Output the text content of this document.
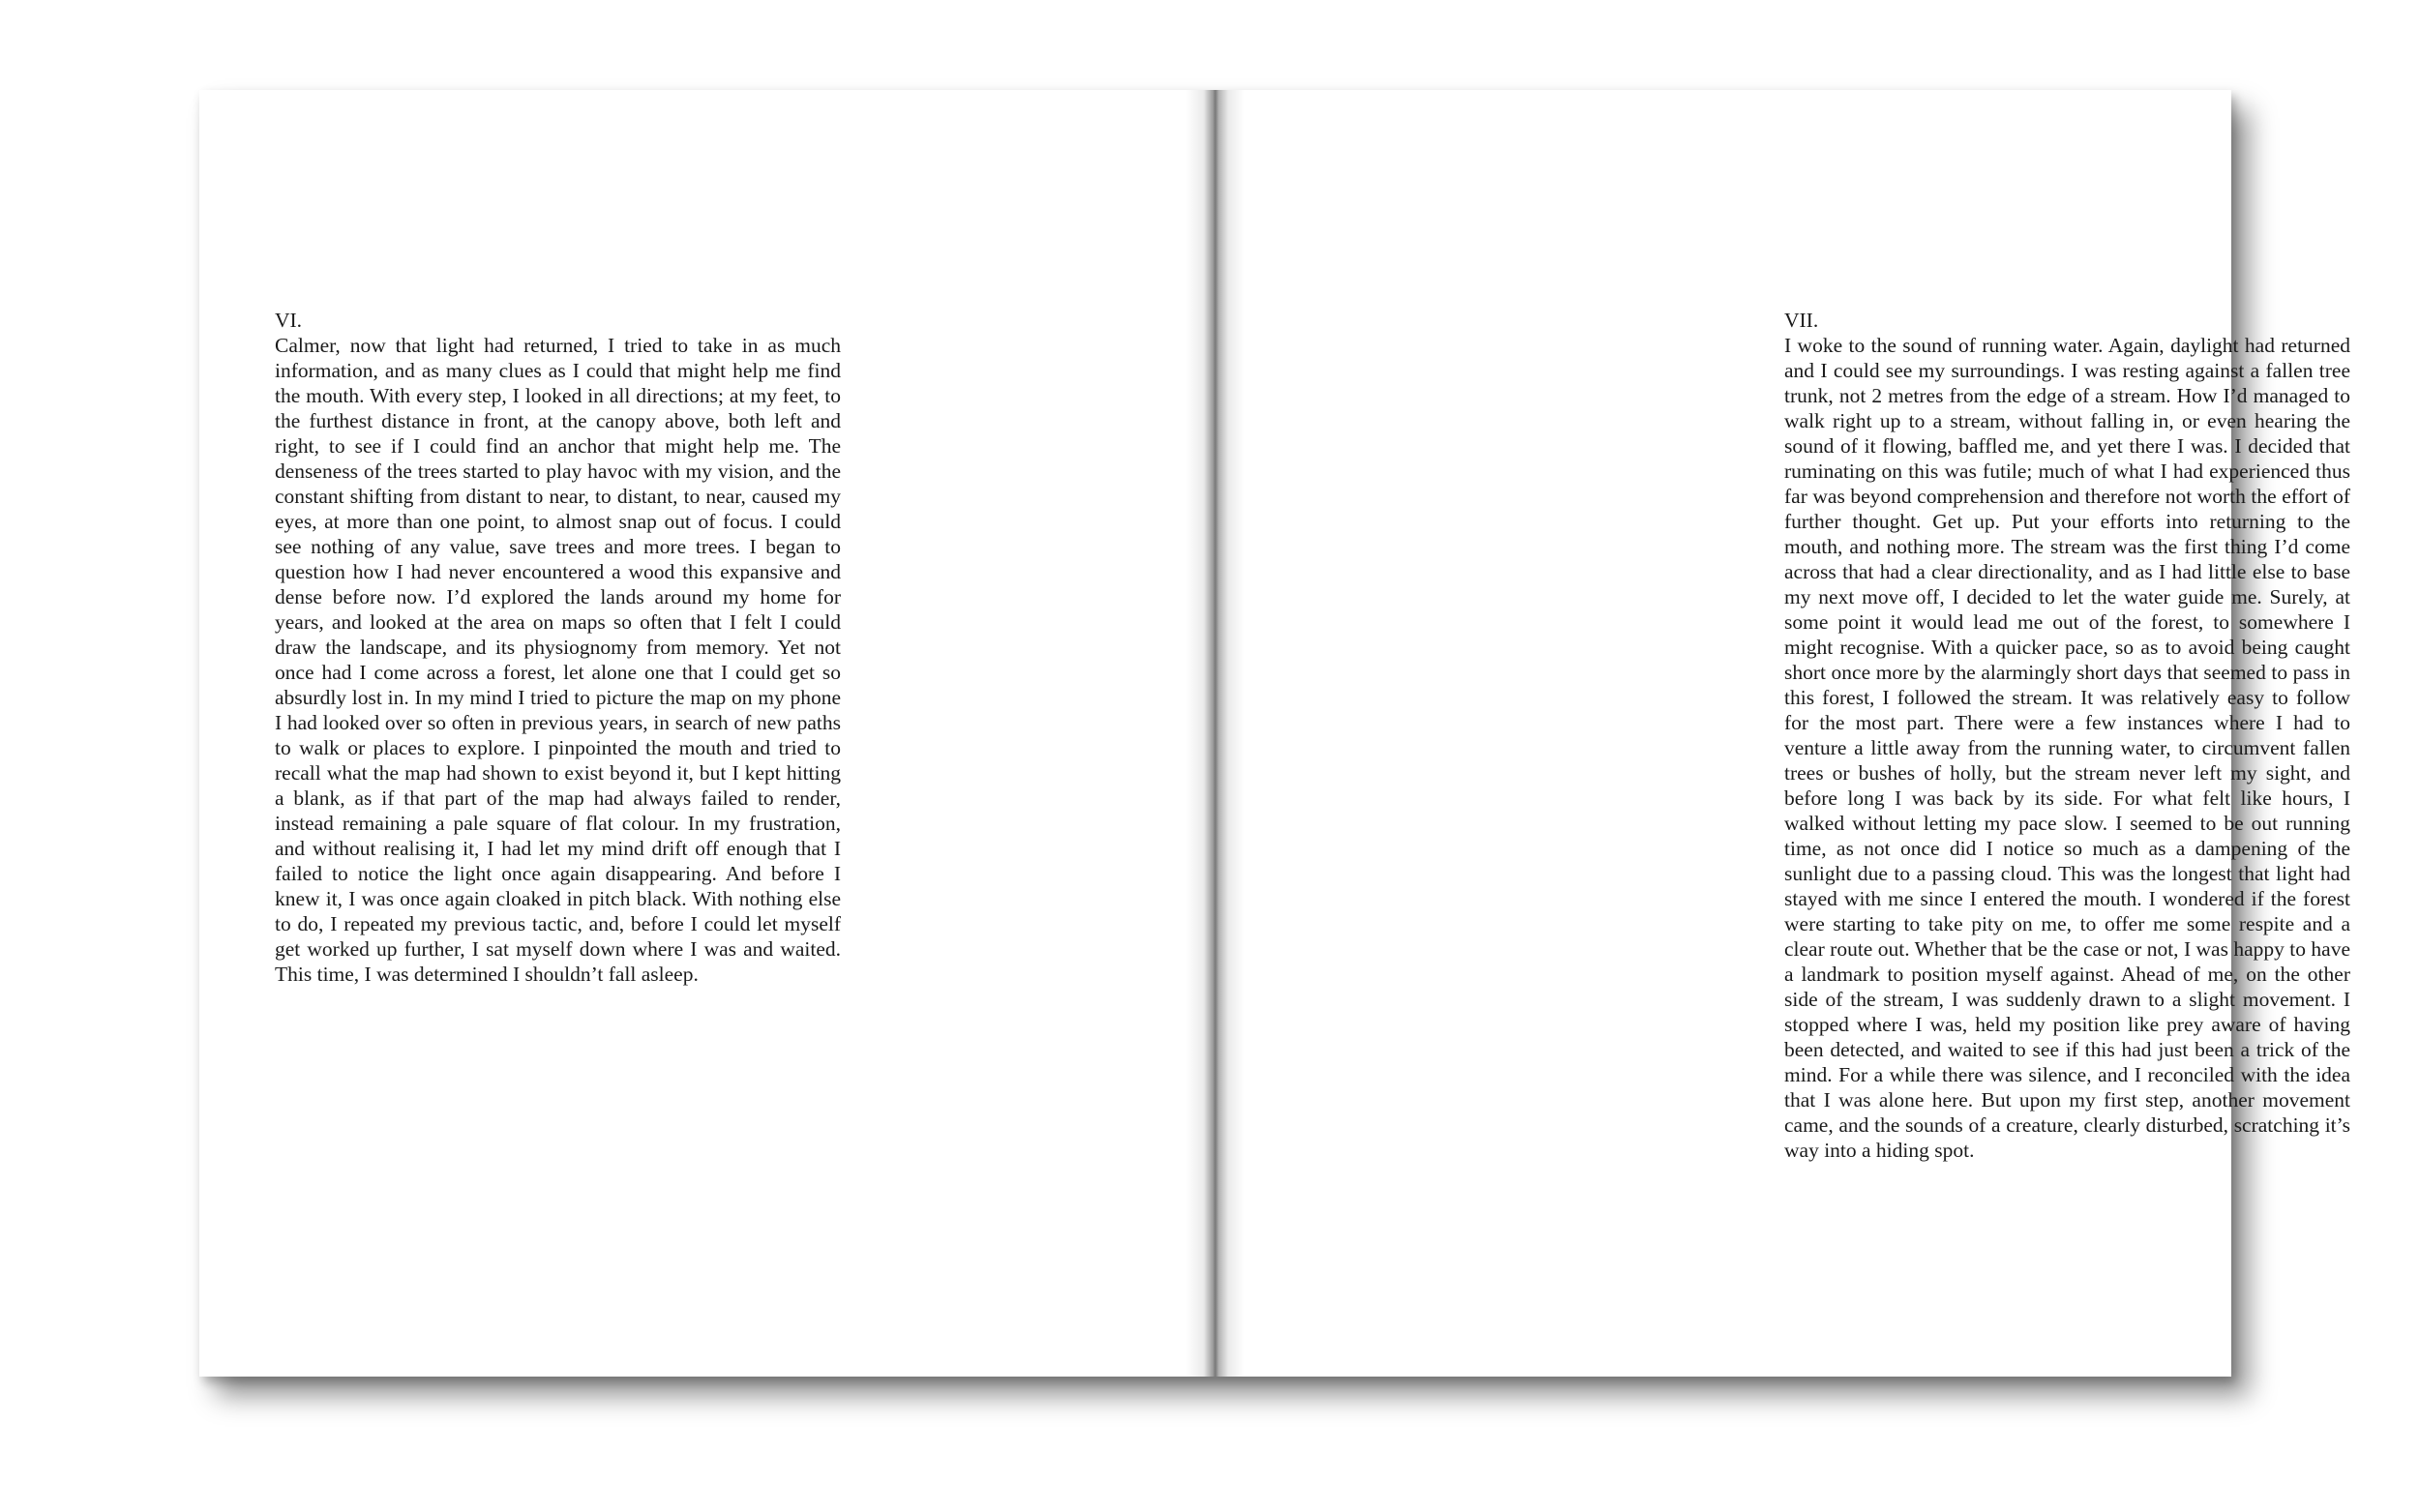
VI.

Calmer, now that light had returned, I tried to take in as much information, and as many clues as I could that might help me find the mouth. With every step, I looked in all directions; at my feet, to the furthest distance in front, at the canopy above, both left and right, to see if I could find an anchor that might help me. The denseness of the trees started to play havoc with my vision, and the constant shifting from distant to near, to distant, to near, caused my eyes, at more than one point, to almost snap out of focus. I could see nothing of any value, save trees and more trees. I began to question how I had never encountered a wood this expansive and dense before now. I’d explored the lands around my home for years, and looked at the area on maps so often that I felt I could draw the landscape, and its physiognomy from memory. Yet not once had I come across a forest, let alone one that I could get so absurdly lost in. In my mind I tried to picture the map on my phone I had looked over so often in previous years, in search of new paths to walk or places to explore. I pinpointed the mouth and tried to recall what the map had shown to exist beyond it, but I kept hitting a blank, as if that part of the map had always failed to render, instead remaining a pale square of flat colour. In my frustration, and without realising it, I had let my mind drift off enough that I failed to notice the light once again disappearing. And before I knew it, I was once again cloaked in pitch black. With nothing else to do, I repeated my previous tactic, and, before I could let myself get worked up further, I sat myself down where I was and waited. This time, I was determined I shouldn’t fall asleep.

VII.

I woke to the sound of running water. Again, daylight had returned and I could see my surroundings. I was resting against a fallen tree trunk, not 2 metres from the edge of a stream. How I’d managed to walk right up to a stream, without falling in, or even hearing the sound of it flowing, baffled me, and yet there I was. I decided that ruminating on this was futile; much of what I had experienced thus far was beyond comprehension and therefore not worth the effort of further thought. Get up. Put your efforts into returning to the mouth, and nothing more. The stream was the first thing I’d come across that had a clear directionality, and as I had little else to base my next move off, I decided to let the water guide me. Surely, at some point it would lead me out of the forest, to somewhere I might recognise. With a quicker pace, so as to avoid being caught short once more by the alarmingly short days that seemed to pass in this forest, I followed the stream. It was relatively easy to follow for the most part. There were a few instances where I had to venture a little away from the running water, to circumvent fallen trees or bushes of holly, but the stream never left my sight, and before long I was back by its side. For what felt like hours, I walked without letting my pace slow. I seemed to be out running time, as not once did I notice so much as a dampening of the sunlight due to a passing cloud. This was the longest that light had stayed with me since I entered the mouth. I wondered if the forest were starting to take pity on me, to offer me some respite and a clear route out. Whether that be the case or not, I was happy to have a landmark to position myself against. Ahead of me, on the other side of the stream, I was suddenly drawn to a slight movement. I stopped where I was, held my position like prey aware of having been detected, and waited to see if this had just been a trick of the mind. For a while there was silence, and I reconciled with the idea that I was alone here. But upon my first step, another movement came, and the sounds of a creature, clearly disturbed, scratching it’s way into a hiding spot.
